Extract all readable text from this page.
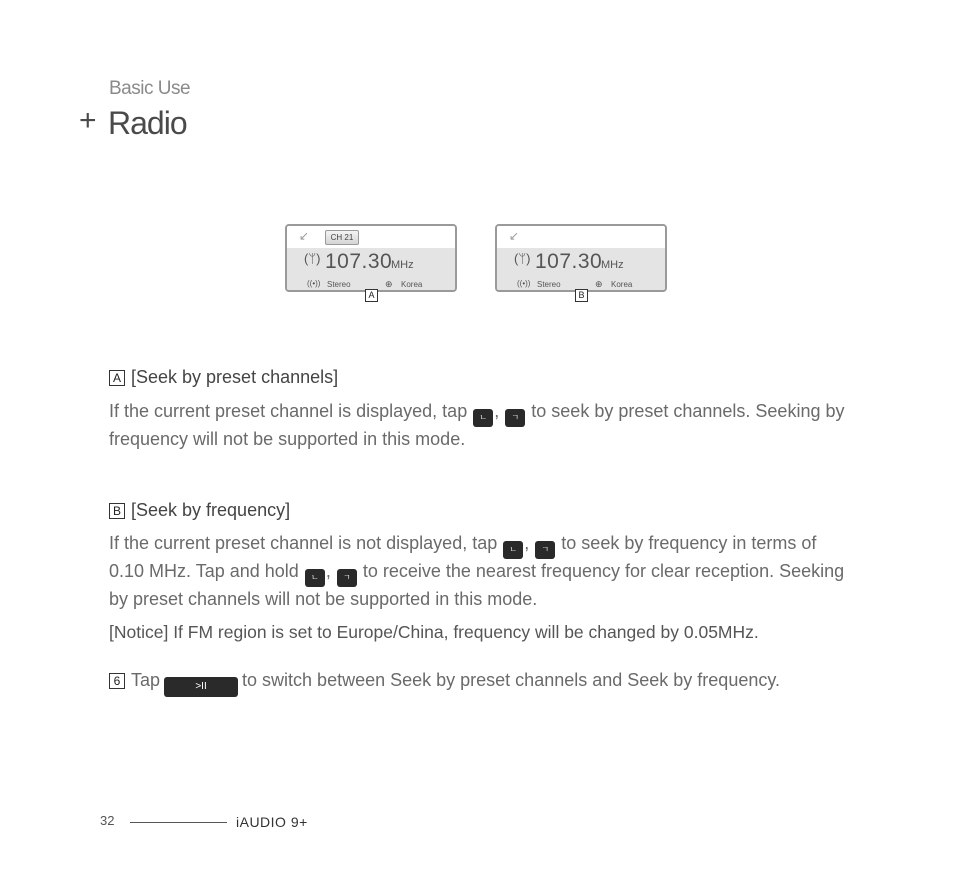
Basic Use
+ Radio
↙	CH 21
(ᛘ) 107.30
MHz
((•)) Stereo	⊕ Korea
A
↙
(ᛘ) 107.30
MHz
((•)) Stereo	⊕ Korea
B
A [Seek by preset channels]
If the current preset channel is displayed, tap ㄴ , ㄱ to seek by preset channels. Seeking by frequency will not be supported in this mode.
B [Seek by frequency]
If the current preset channel is not displayed, tap ㄴ , ㄱ to seek by frequency in terms of 0.10 MHz. Tap and hold ㄴ , ㄱ to receive the nearest frequency for clear reception. Seeking by preset channels will not be supported in this mode.
[Notice] If FM region is set to Europe/China, frequency will be changed by 0.05MHz.
6 Tap	>II to switch between Seek by preset channels and Seek by frequency.
32	iAUDIO 9+
